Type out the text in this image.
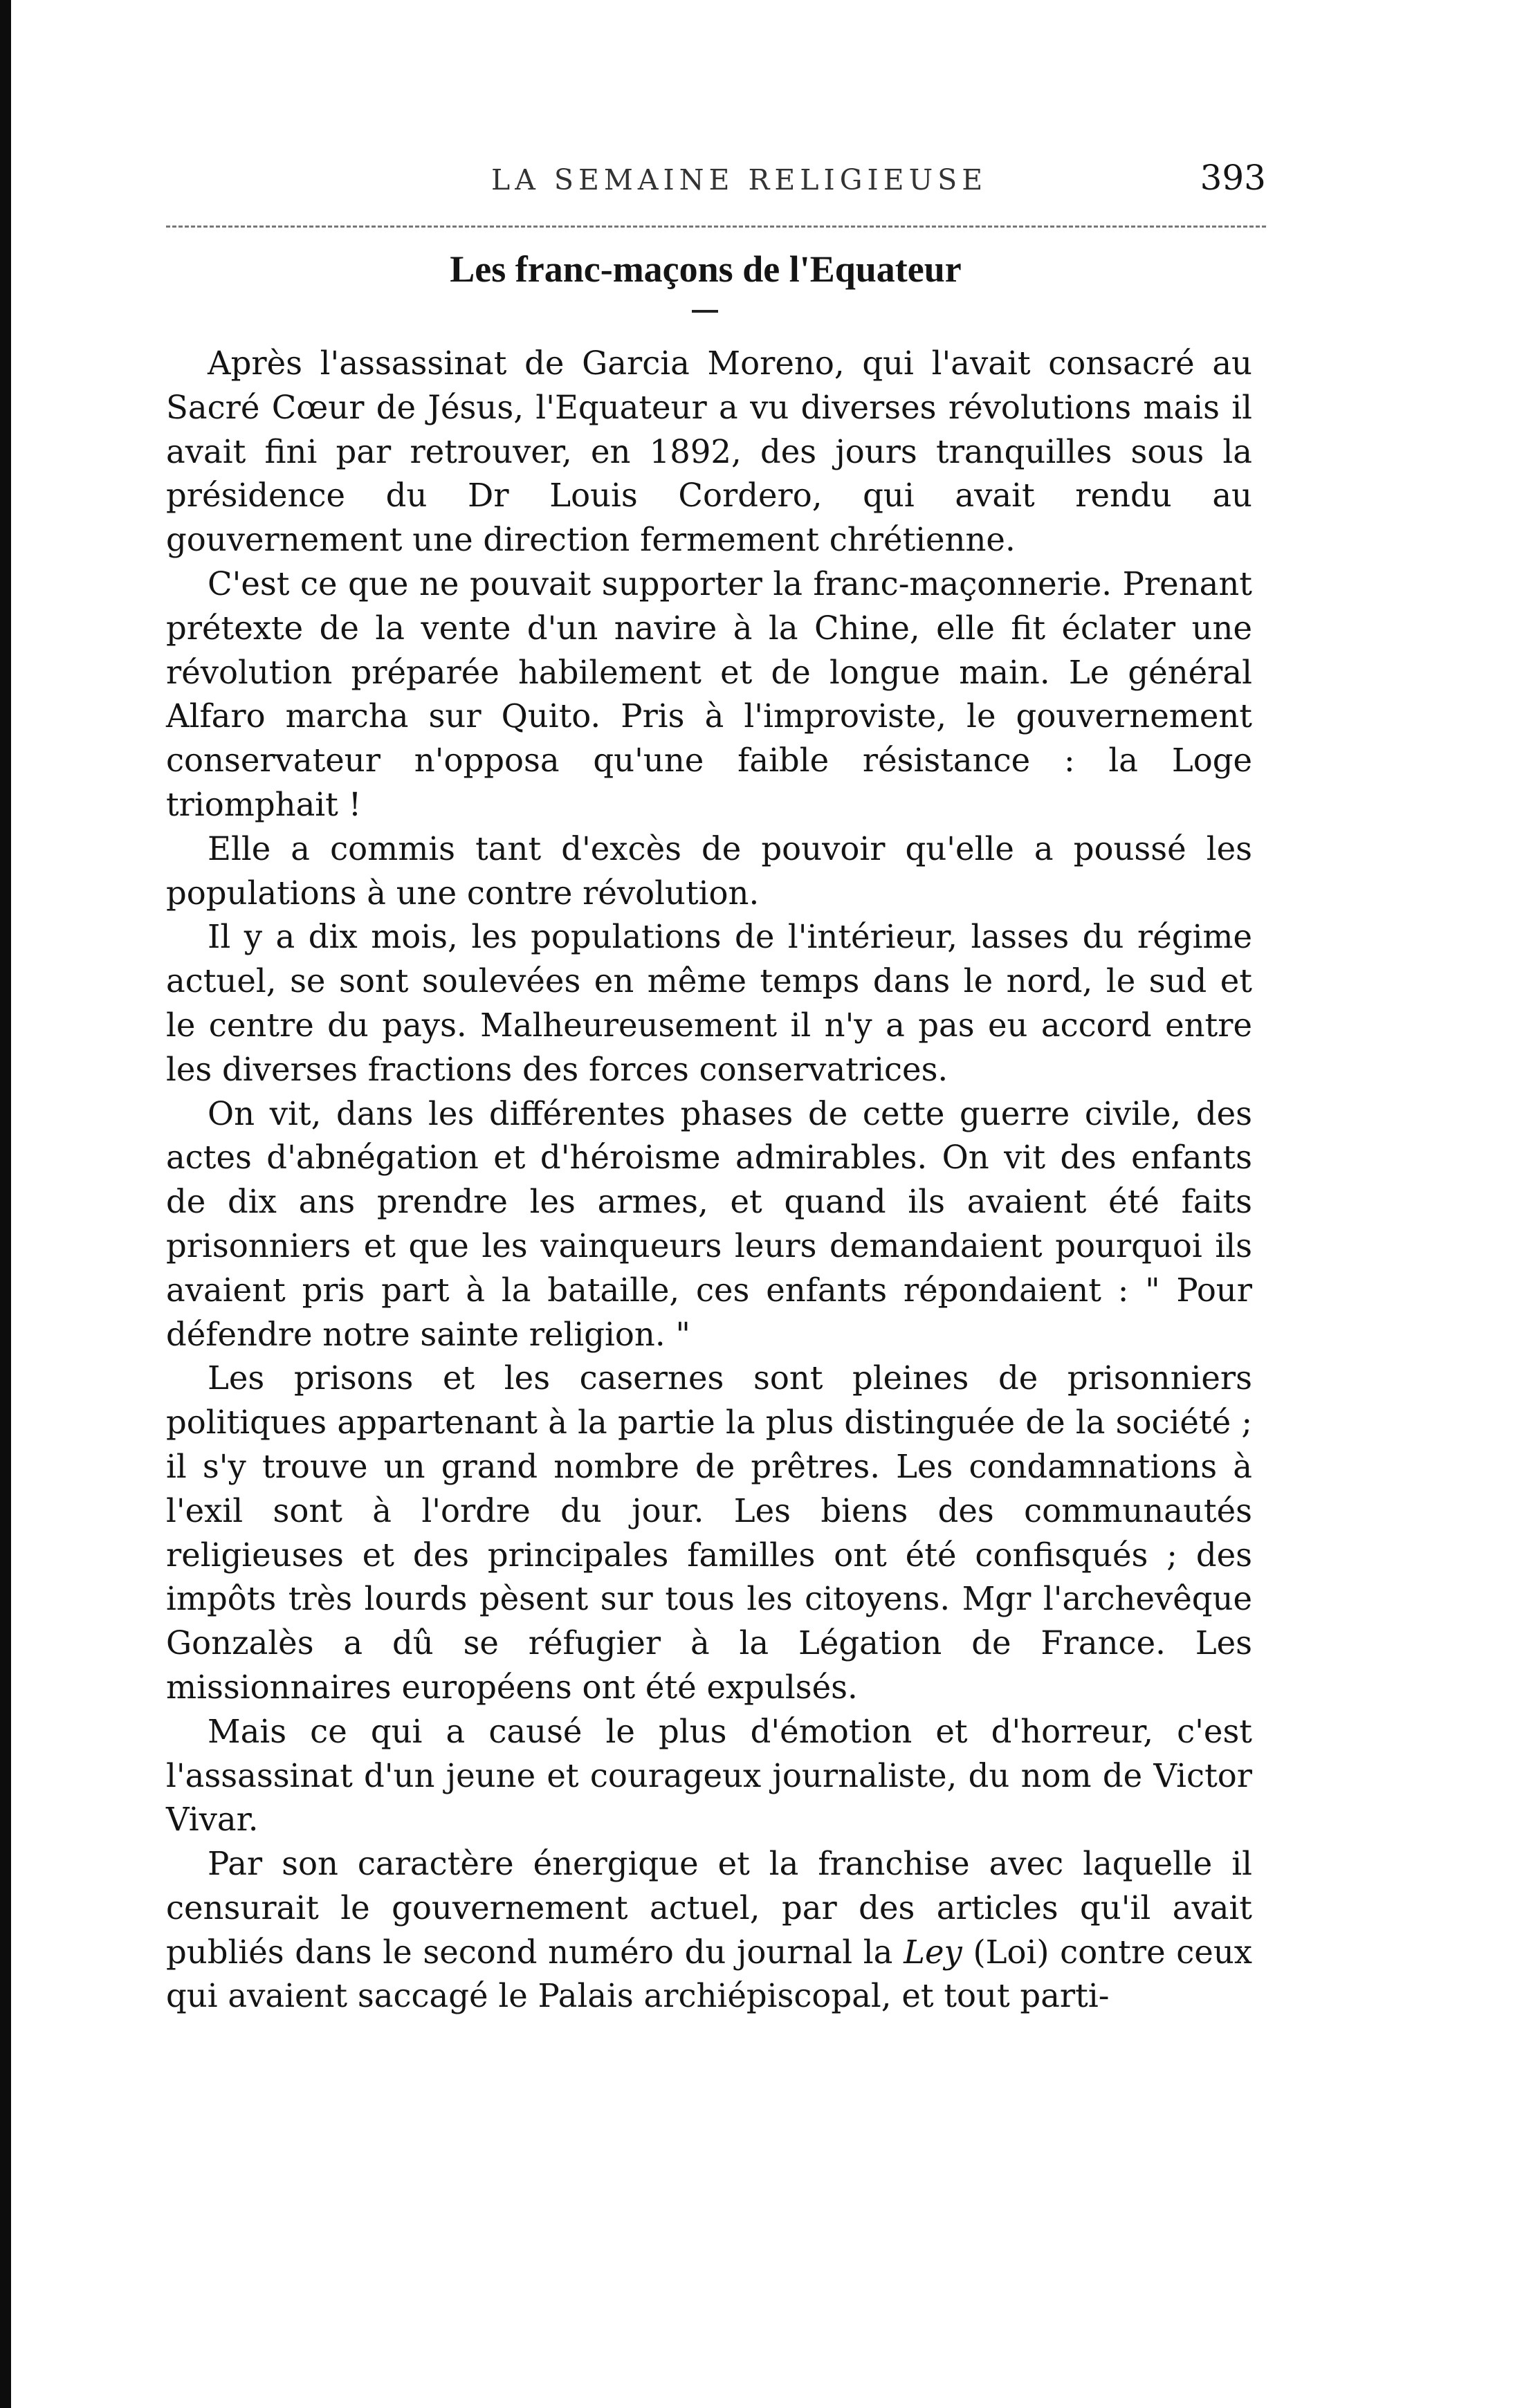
LA SEMAINE RELIGIEUSE	393
Les franc-maçons de l'Equateur

Après l'assassinat de Garcia Moreno, qui l'avait consacré au Sacré Cœur de Jésus, l'Equateur a vu diverses révolutions mais il avait fini par retrouver, en 1892, des jours tranquilles sous la présidence du Dr Louis Cordero, qui avait rendu au gouvernement une direction fermement chrétienne.

C'est ce que ne pouvait supporter la franc-maçonnerie. Prenant prétexte de la vente d'un navire à la Chine, elle fit éclater une révolution préparée habilement et de longue main. Le général Alfaro marcha sur Quito. Pris à l'improviste, le gouvernement conservateur n'opposa qu'une faible résistance : la Loge triomphait !

Elle a commis tant d'excès de pouvoir qu'elle a poussé les populations à une contre révolution.

Il y a dix mois, les populations de l'intérieur, lasses du régime actuel, se sont soulevées en même temps dans le nord, le sud et le centre du pays. Malheureusement il n'y a pas eu accord entre les diverses fractions des forces conservatrices.

On vit, dans les différentes phases de cette guerre civile, des actes d'abnégation et d'héroisme admirables. On vit des enfants de dix ans prendre les armes, et quand ils avaient été faits prisonniers et que les vainqueurs leurs demandaient pourquoi ils avaient pris part à la bataille, ces enfants répondaient : " Pour défendre notre sainte religion. "

Les prisons et les casernes sont pleines de prisonniers politiques appartenant à la partie la plus distinguée de la société ; il s'y trouve un grand nombre de prêtres. Les condamnations à l'exil sont à l'ordre du jour. Les biens des communautés religieuses et des principales familles ont été confisqués ; des impôts très lourds pèsent sur tous les citoyens. Mgr l'archevêque Gonzalès a dû se réfugier à la Légation de France. Les missionnaires européens ont été expulsés.

Mais ce qui a causé le plus d'émotion et d'horreur, c'est l'assassinat d'un jeune et courageux journaliste, du nom de Victor Vivar.

Par son caractère énergique et la franchise avec laquelle il censurait le gouvernement actuel, par des articles qu'il avait publiés dans le second numéro du journal la Ley (Loi) contre ceux qui avaient saccagé le Palais archiépiscopal, et tout parti-
